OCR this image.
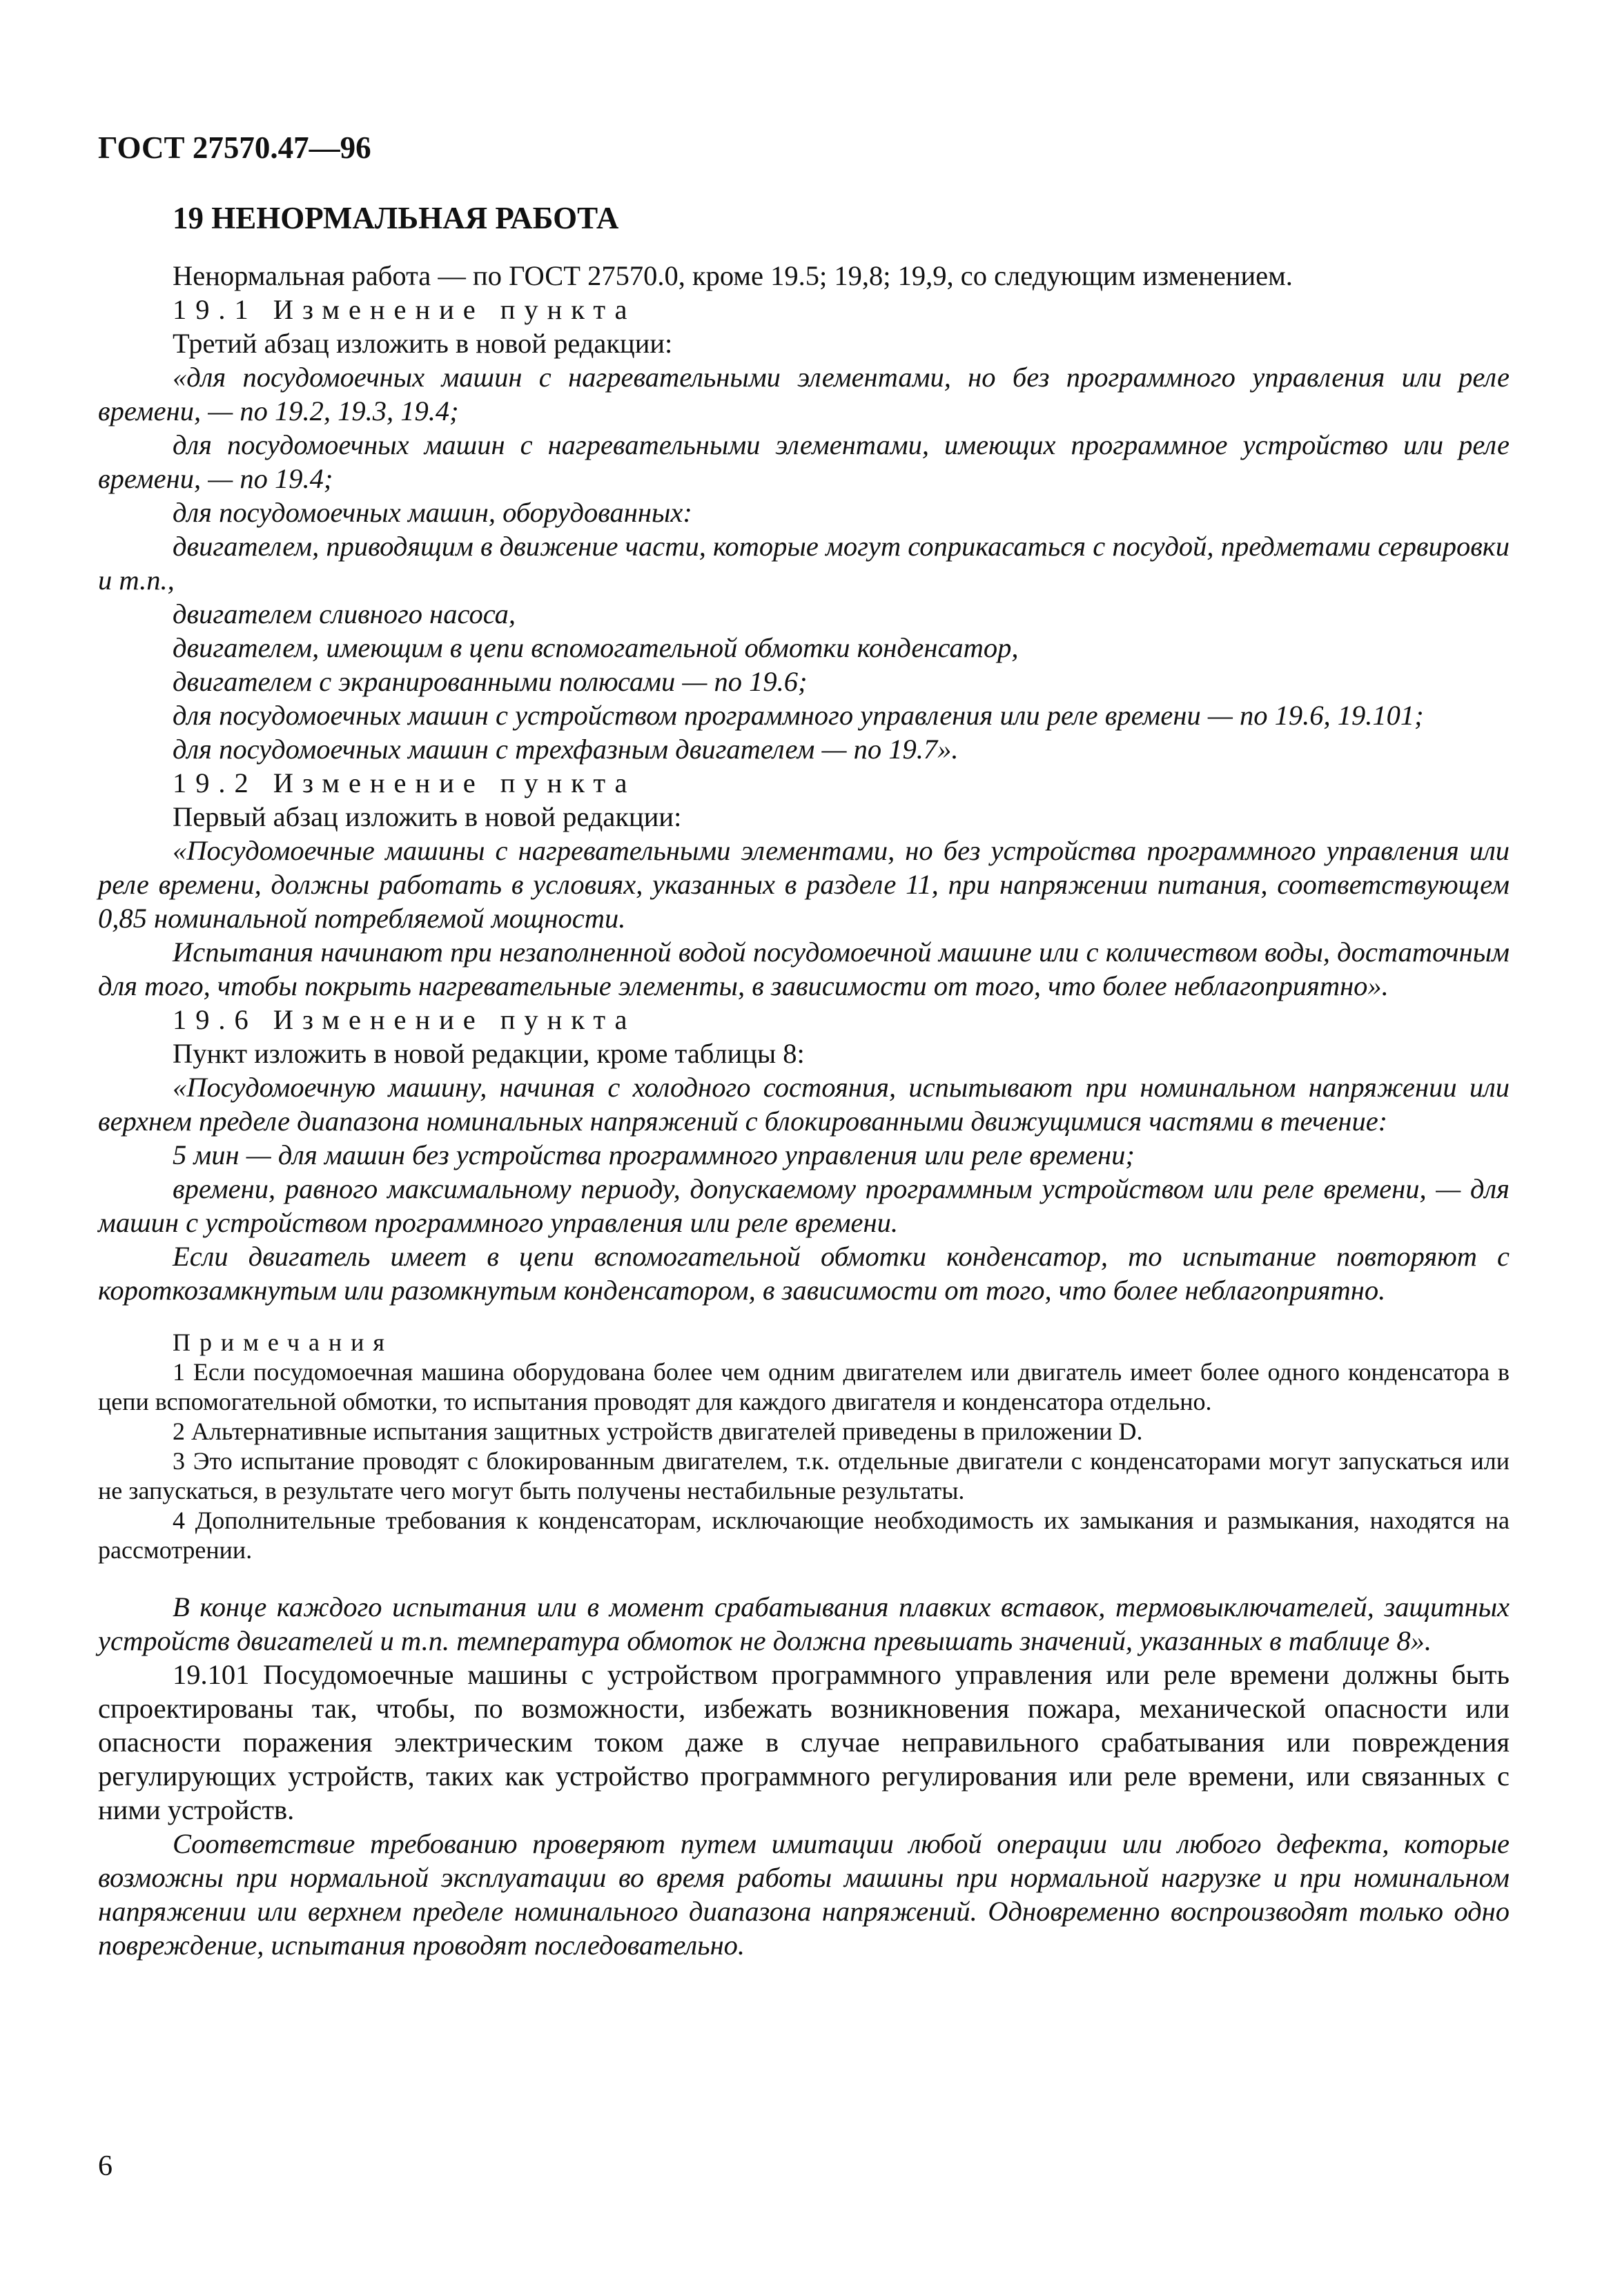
ГОСТ 27570.47—96
19 НЕНОРМАЛЬНАЯ РАБОТА

Ненормальная работа — по ГОСТ 27570.0, кроме 19.5; 19,8; 19,9, со следующим изменением.

19.1 Изменение пункта

Третий абзац изложить в новой редакции:

«для посудомоечных машин с нагревательными элементами, но без программного управления или реле времени, — по 19.2, 19.3, 19.4;

для посудомоечных машин с нагревательными элементами, имеющих программное устройство или реле времени, — по 19.4;

для посудомоечных машин, оборудованных:

двигателем, приводящим в движение части, которые могут соприкасаться с посудой, предметами сервировки и т.п.,

двигателем сливного насоса,

двигателем, имеющим в цепи вспомогательной обмотки конденсатор,

двигателем с экранированными полюсами — по 19.6;

для посудомоечных машин с устройством программного управления или реле времени — по 19.6, 19.101;

для посудомоечных машин с трехфазным двигателем — по 19.7».

19.2 Изменение пункта

Первый абзац изложить в новой редакции:

«Посудомоечные машины с нагревательными элементами, но без устройства программного управления или реле времени, должны работать в условиях, указанных в разделе 11, при напряжении питания, соответствующем 0,85 номинальной потребляемой мощности.

Испытания начинают при незаполненной водой посудомоечной машине или с количеством воды, достаточным для того, чтобы покрыть нагревательные элементы, в зависимости от того, что более неблагоприятно».

19.6 Изменение пункта

Пункт изложить в новой редакции, кроме таблицы 8:

«Посудомоечную машину, начиная с холодного состояния, испытывают при номинальном напряжении или верхнем пределе диапазона номинальных напряжений с блокированными движущимися частями в течение:

5 мин — для машин без устройства программного управления или реле времени;

времени, равного максимальному периоду, допускаемому программным устройством или реле времени, — для машин с устройством программного управления или реле времени.

Если двигатель имеет в цепи вспомогательной обмотки конденсатор, то испытание повторяют с короткозамкнутым или разомкнутым конденсатором, в зависимости от того, что более неблагоприятно.

Примечания

1 Если посудомоечная машина оборудована более чем одним двигателем или двигатель имеет более одного конденсатора в цепи вспомогательной обмотки, то испытания проводят для каждого двигателя и конденсатора отдельно.

2 Альтернативные испытания защитных устройств двигателей приведены в приложении D.

3 Это испытание проводят с блокированным двигателем, т.к. отдельные двигатели с конденсаторами могут запускаться или не запускаться, в результате чего могут быть получены нестабильные результаты.

4 Дополнительные требования к конденсаторам, исключающие необходимость их замыкания и размыкания, находятся на рассмотрении.

В конце каждого испытания или в момент срабатывания плавких вставок, термовыключателей, защитных устройств двигателей и т.п. температура обмоток не должна превышать значений, указанных в таблице 8».

19.101 Посудомоечные машины с устройством программного управления или реле времени должны быть спроектированы так, чтобы, по возможности, избежать возникновения пожара, механической опасности или опасности поражения электрическим током даже в случае неправильного срабатывания или повреждения регулирующих устройств, таких как устройство программного регулирования или реле времени, или связанных с ними устройств.

Соответствие требованию проверяют путем имитации любой операции или любого дефекта, которые возможны при нормальной эксплуатации во время работы машины при нормальной нагрузке и при номинальном напряжении или верхнем пределе номинального диапазона напряжений. Одновременно воспроизводят только одно повреждение, испытания проводят последовательно.

6
